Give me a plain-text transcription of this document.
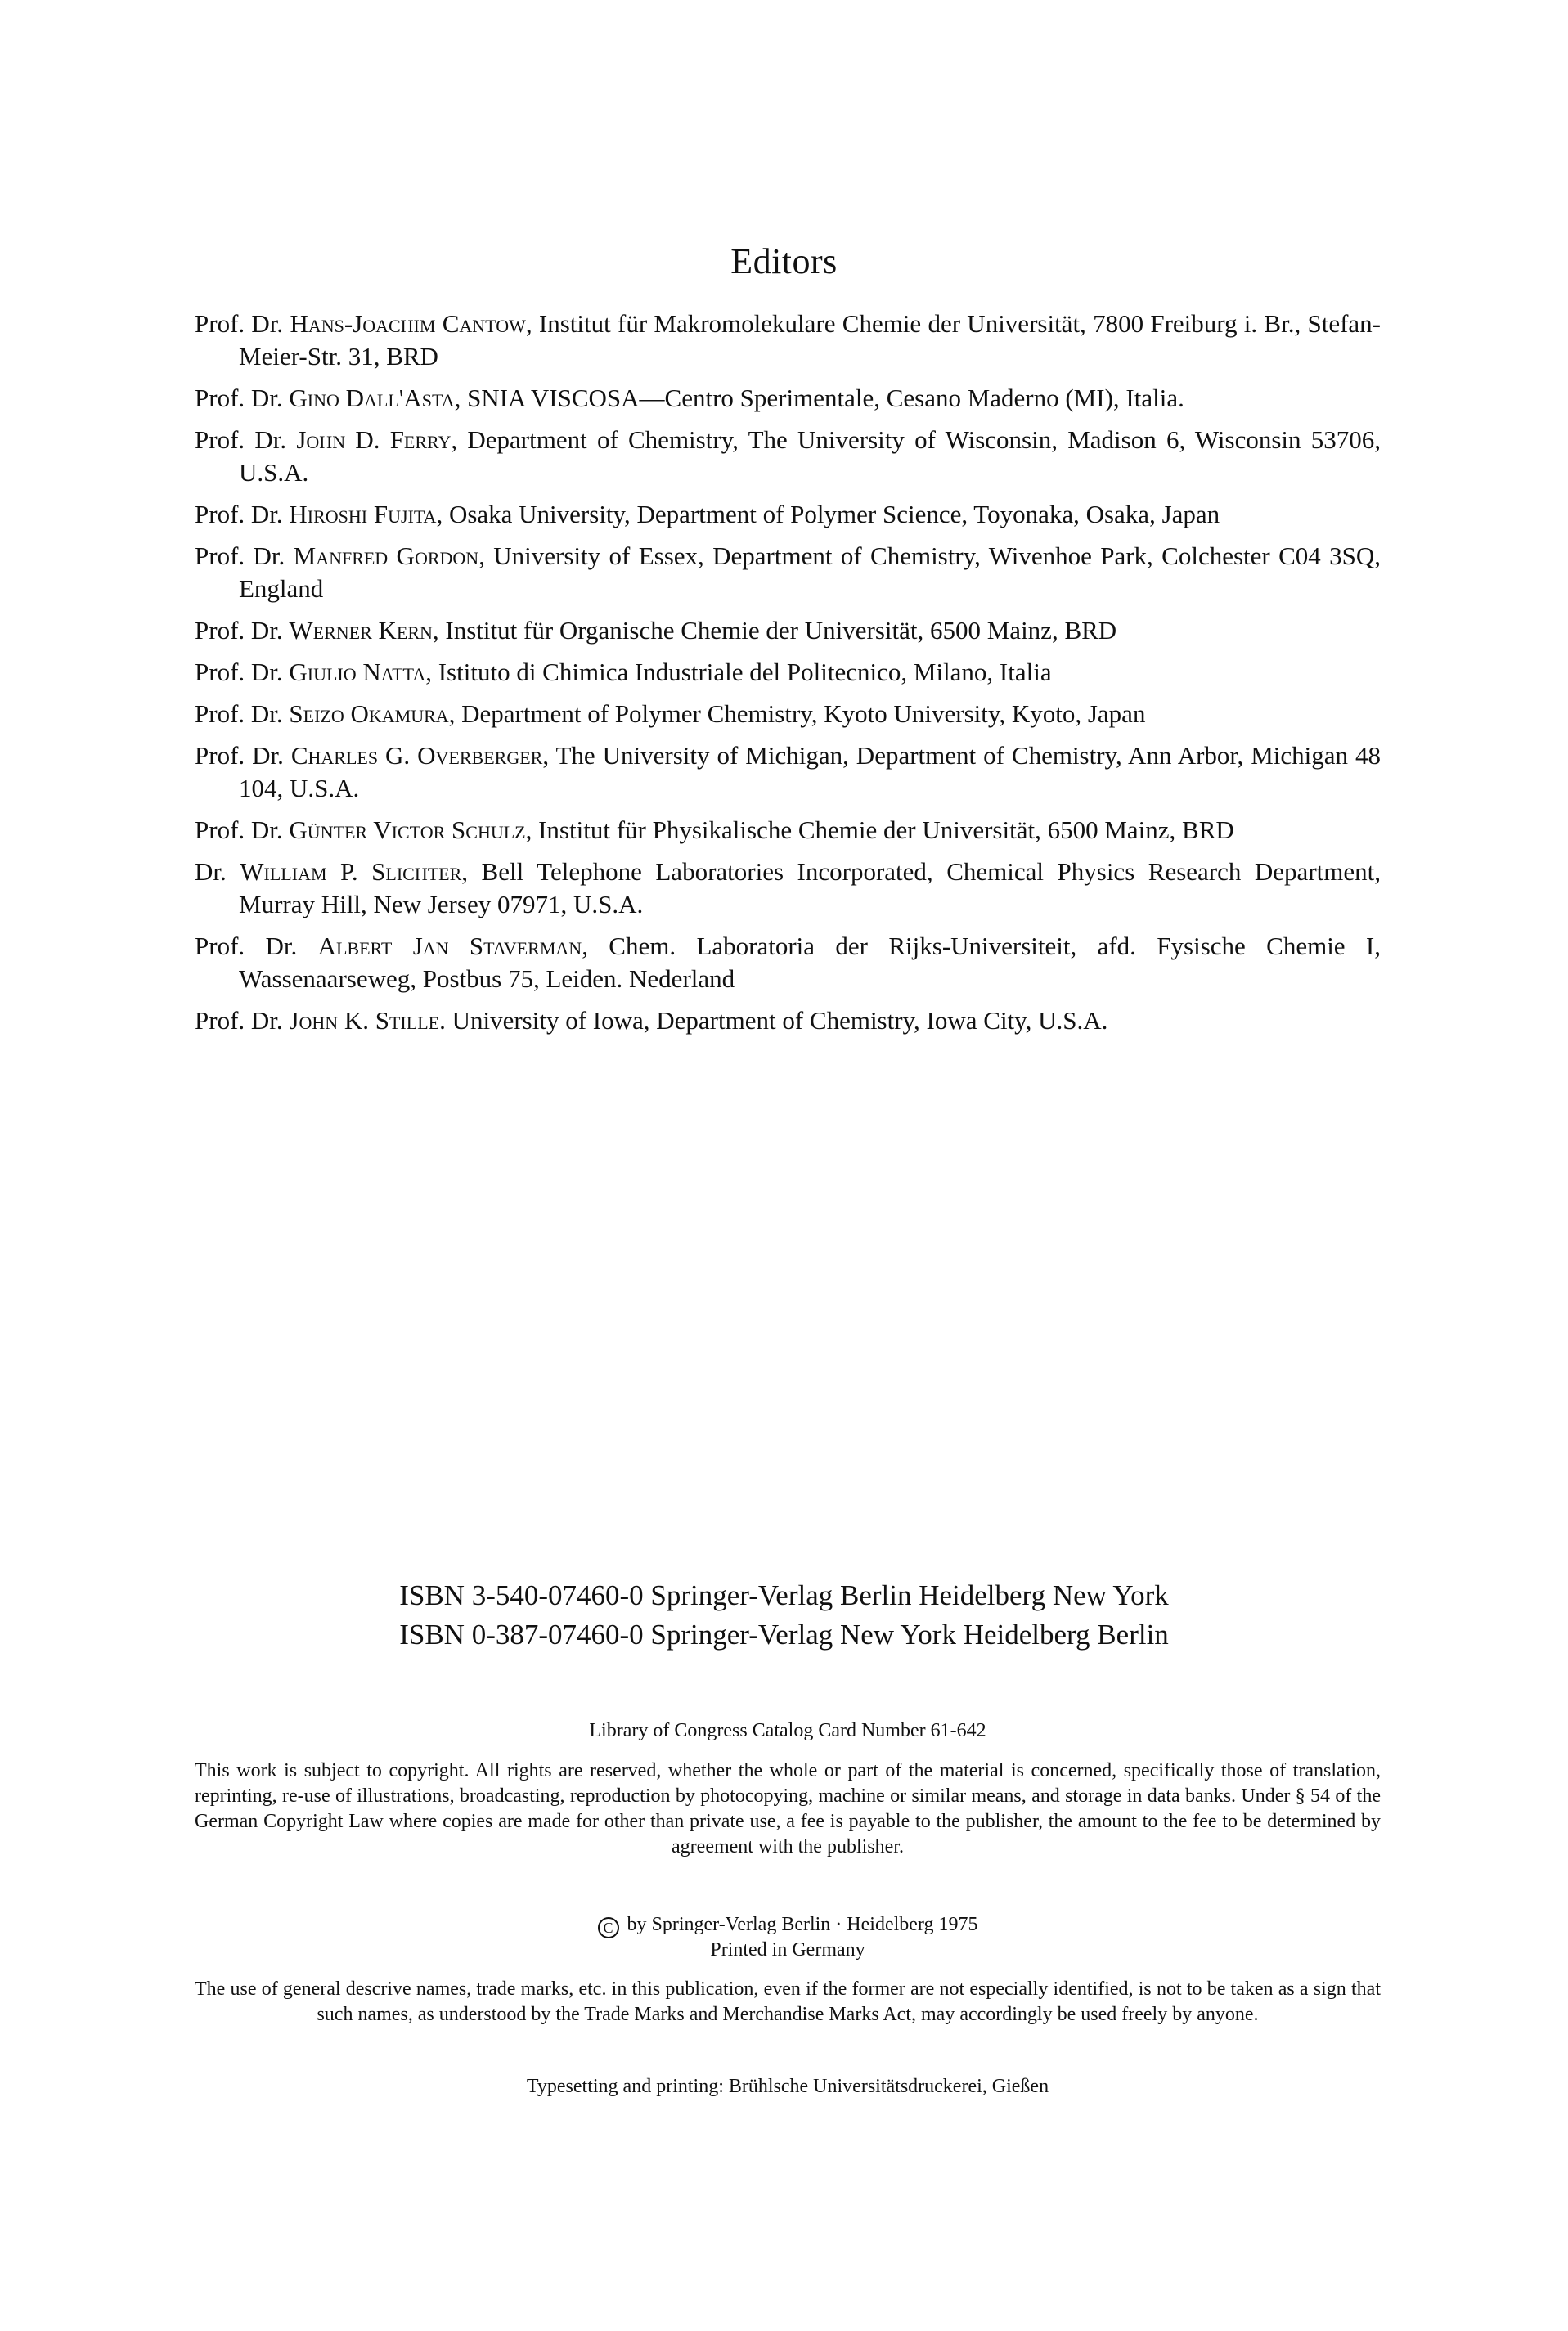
Editors
Prof. Dr. Hans-Joachim Cantow, Institut für Makromolekulare Chemie der Universität, 7800 Freiburg i. Br., Stefan-Meier-Str. 31, BRD
Prof. Dr. Gino Dall'Asta, SNIA VISCOSA—Centro Sperimentale, Cesano Maderno (MI), Italia.
Prof. Dr. John D. Ferry, Department of Chemistry, The University of Wisconsin, Madison 6, Wisconsin 53706, U.S.A.
Prof. Dr. Hiroshi Fujita, Osaka University, Department of Polymer Science, Toyonaka, Osaka, Japan
Prof. Dr. Manfred Gordon, University of Essex, Department of Chemistry, Wivenhoe Park, Colchester C04 3SQ, England
Prof. Dr. Werner Kern, Institut für Organische Chemie der Universität, 6500 Mainz, BRD
Prof. Dr. Giulio Natta, Istituto di Chimica Industriale del Politecnico, Milano, Italia
Prof. Dr. Seizo Okamura, Department of Polymer Chemistry, Kyoto University, Kyoto, Japan
Prof. Dr. Charles G. Overberger, The University of Michigan, Department of Chemistry, Ann Arbor, Michigan 48 104, U.S.A.
Prof. Dr. Günter Victor Schulz, Institut für Physikalische Chemie der Universität, 6500 Mainz, BRD
Dr. William P. Slichter, Bell Telephone Laboratories Incorporated, Chemical Physics Research Department, Murray Hill, New Jersey 07971, U.S.A.
Prof. Dr. Albert Jan Staverman, Chem. Laboratoria der Rijks-Universiteit, afd. Fysische Chemie I, Wassenaarseweg, Postbus 75, Leiden. Nederland
Prof. Dr. John K. Stille. University of Iowa, Department of Chemistry, Iowa City, U.S.A.
ISBN 3-540-07460-0 Springer-Verlag Berlin Heidelberg New York
ISBN 0-387-07460-0 Springer-Verlag New York Heidelberg Berlin
Library of Congress Catalog Card Number 61-642
This work is subject to copyright. All rights are reserved, whether the whole or part of the material is concerned, specifically those of translation, reprinting, re-use of illustrations, broadcasting, reproduction by photocopying, machine or similar means, and storage in data banks. Under § 54 of the German Copyright Law where copies are made for other than private use, a fee is payable to the publisher, the amount to the fee to be determined by agreement with the publisher.
C by Springer-Verlag Berlin · Heidelberg 1975
Printed in Germany
The use of general descrive names, trade marks, etc. in this publication, even if the former are not especially identified, is not to be taken as a sign that such names, as understood by the Trade Marks and Merchandise Marks Act, may accordingly be used freely by anyone.
Typesetting and printing: Brühlsche Universitätsdruckerei, Gießen
